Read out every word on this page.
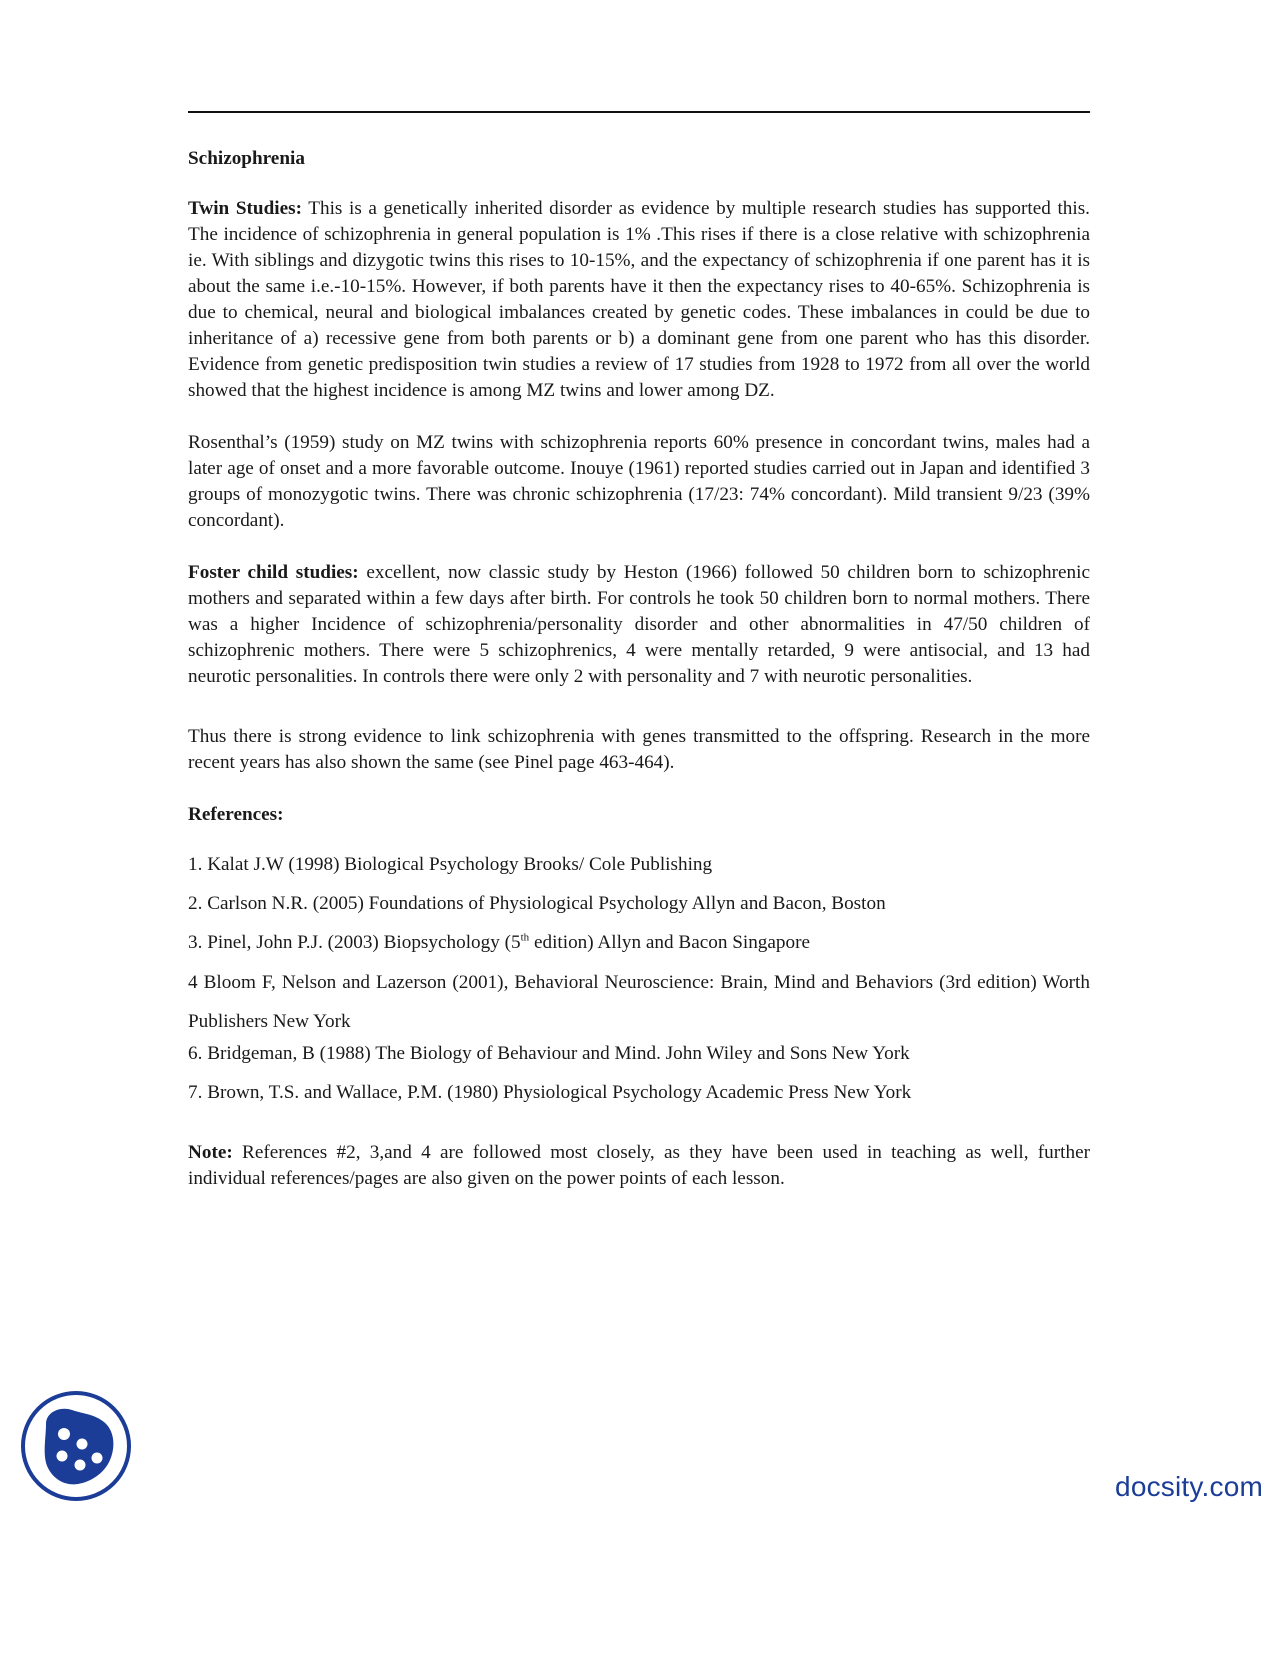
Schizophrenia

Twin Studies: This is a genetically inherited disorder as evidence by multiple research studies has supported this. The incidence of schizophrenia in general population is 1% .This rises if there is a close relative with schizophrenia ie. With siblings and dizygotic twins this rises to 10-15%, and the expectancy of schizophrenia if one parent has it is about the same i.e.-10-15%. However, if both parents have it then the expectancy rises to 40-65%. Schizophrenia is due to chemical, neural and biological imbalances created by genetic codes. These imbalances in could be due to inheritance of a) recessive gene from both parents or b) a dominant gene from one parent who has this disorder. Evidence from genetic predisposition twin studies a review of 17 studies from 1928 to 1972 from all over the world showed that the highest incidence is among MZ twins and lower among DZ.

Rosenthal’s (1959) study on MZ twins with schizophrenia reports 60% presence in concordant twins, males had a later age of onset and a more favorable outcome. Inouye (1961) reported studies carried out in Japan and identified 3 groups of monozygotic twins. There was chronic schizophrenia (17/23: 74% concordant). Mild transient 9/23 (39% concordant).

Foster child studies: excellent, now classic study by Heston (1966) followed 50 children born to schizophrenic mothers and separated within a few days after birth. For controls he took 50 children born to normal mothers. There was a higher Incidence of schizophrenia/personality disorder and other abnormalities in 47/50 children of schizophrenic mothers. There were 5 schizophrenics, 4 were mentally retarded, 9 were antisocial, and 13 had neurotic personalities. In controls there were only 2 with personality and 7 with neurotic personalities.

Thus there is strong evidence to link schizophrenia with genes transmitted to the offspring. Research in the more recent years has also shown the same (see Pinel page 463-464).

References:
1. Kalat J.W (1998) Biological Psychology Brooks/ Cole Publishing
2. Carlson N.R. (2005) Foundations of Physiological Psychology Allyn and Bacon, Boston
3. Pinel, John P.J. (2003) Biopsychology (5th edition) Allyn and Bacon Singapore
4 Bloom F, Nelson and Lazerson (2001), Behavioral Neuroscience: Brain, Mind and Behaviors (3rd edition) Worth Publishers New York
6. Bridgeman, B (1988) The Biology of Behaviour and Mind. John Wiley and Sons New York
7. Brown, T.S. and Wallace, P.M. (1980) Physiological Psychology Academic Press New York

Note: References #2, 3,and 4 are followed most closely, as they have been used in teaching as well, further individual references/pages are also given on the power points of each lesson.

docsity.com
